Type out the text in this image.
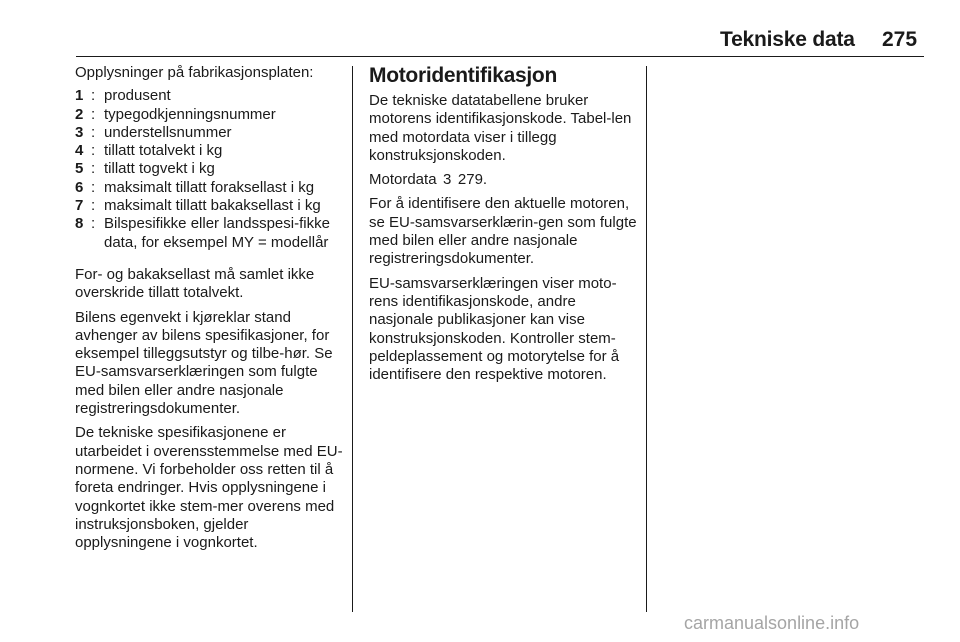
Tekniske data 275

Opplysninger på fabrikasjonsplaten:

1 : produsent
2 : typegodkjenningsnummer
3 : understellsnummer
4 : tillatt totalvekt i kg
5 : tillatt togvekt i kg
6 : maksimalt tillatt foraksellast i kg
7 : maksimalt tillatt bakaksellast i kg
8 : Bilspesifikke eller landsspesi-fikke data, for eksempel MY = modellår

For- og bakaksellast må samlet ikke overskride tillatt totalvekt.

Bilens egenvekt i kjøreklar stand avhenger av bilens spesifikasjoner, for eksempel tilleggsutstyr og tilbe-hør. Se EU-samsvarserklæringen som fulgte med bilen eller andre nasjonale registreringsdokumenter.

De tekniske spesifikasjonene er utarbeidet i overensstemmelse med EU-normene. Vi forbeholder oss retten til å foreta endringer. Hvis opplysningene i vognkortet ikke stem-mer overens med instruksjonsboken, gjelder opplysningene i vognkortet.

Motoridentifikasjon

De tekniske datatabellene bruker motorens identifikasjonskode. Tabel-len med motordata viser i tillegg konstruksjonskoden.

Motordata 3 279.

For å identifisere den aktuelle motoren, se EU-samsvarserklærin-gen som fulgte med bilen eller andre nasjonale registreringsdokumenter.

EU-samsvarserklæringen viser moto-rens identifikasjonskode, andre nasjonale publikasjoner kan vise konstruksjonskoden. Kontroller stem-peldeplassement og motorytelse for å identifisere den respektive motoren.

carmanualsonline.info
